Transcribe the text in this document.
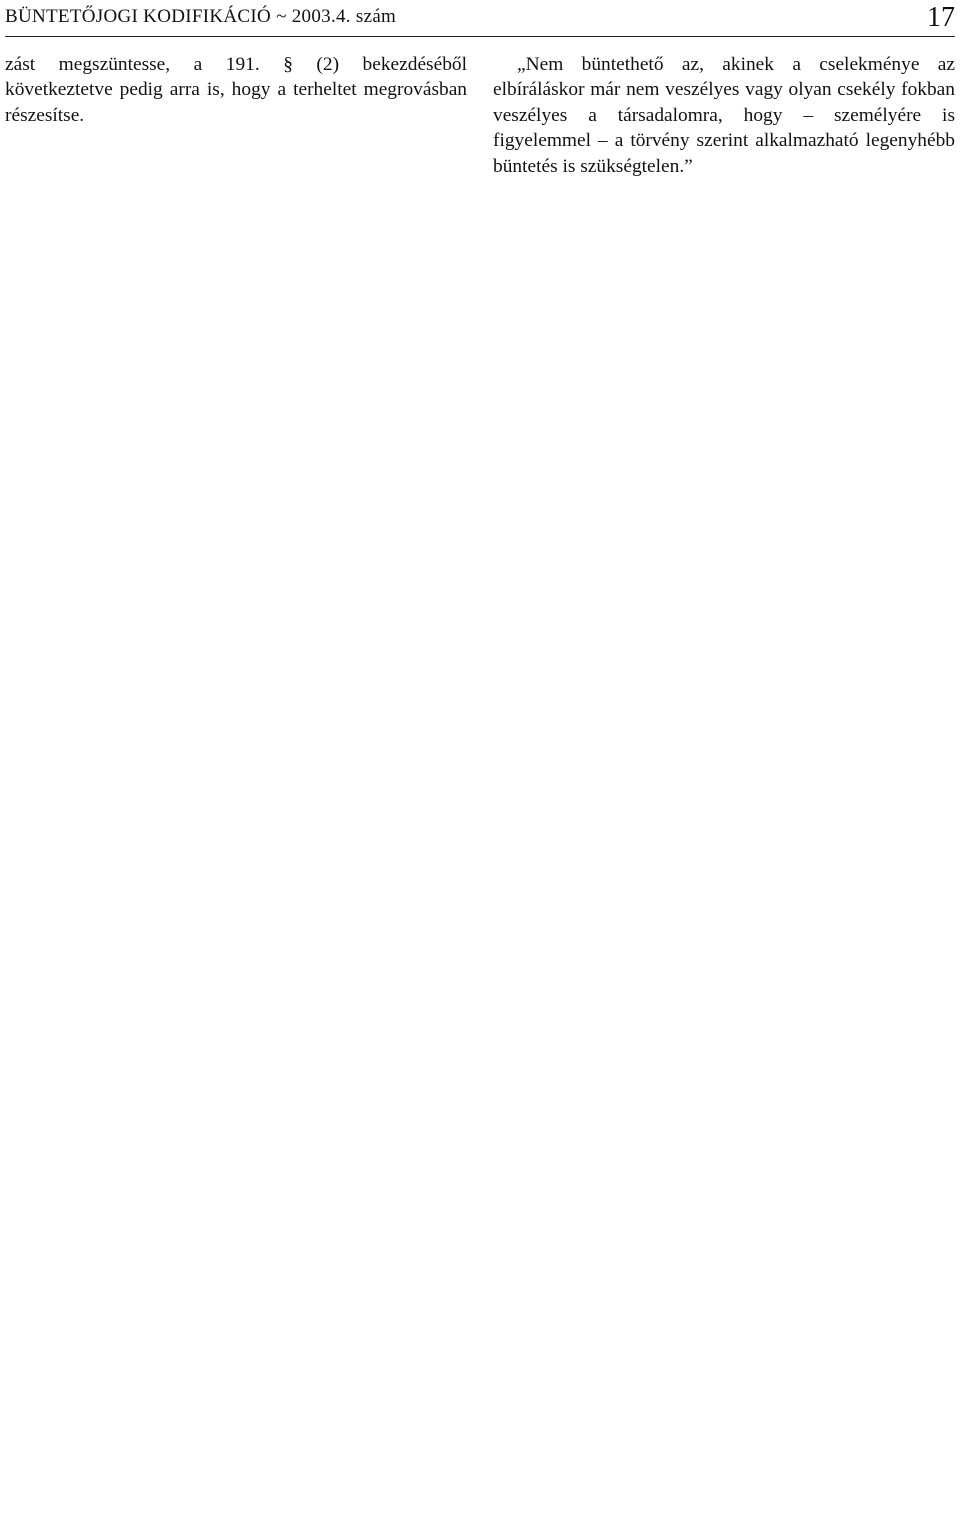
BÜNTETŐJOGI KODIFIKÁCIÓ ~ 2003.4. szám	17

zást megszüntesse, a 191. § (2) bekezdéséből következtetve pedig arra is, hogy a terheltet megrovásban részesítse.

„Nem büntethető az, akinek a cselekménye az elbíráláskor már nem veszélyes vagy olyan csekély fokban veszélyes a társadalomra, hogy – személyére is figyelemmel – a törvény szerint alkalmazható legenyhébb büntetés is szükségtelen.”
